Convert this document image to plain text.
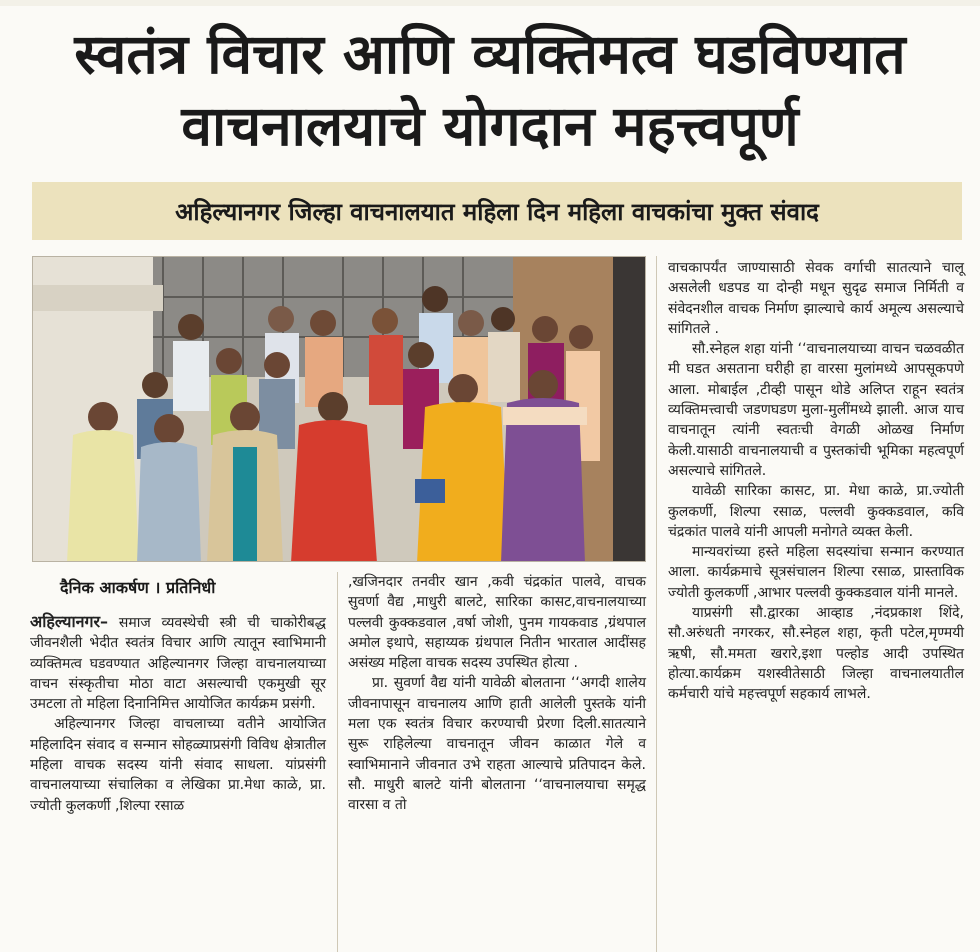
स्वतंत्र विचार आणि व्यक्तिमत्व घडविण्यात
वाचनालयाचे योगदान महत्त्वपूर्ण
अहिल्यानगर जिल्हा वाचनालयात महिला दिन महिला वाचकांचा मुक्त संवाद
दैनिक आकर्षण । प्रतिनिधी

अहिल्यानगर– समाज व्यवस्थेची स्त्री ची चाकोरीबद्ध जीवनशैली भेदीत स्वतंत्र विचार आणि त्यातून स्वाभिमानी व्यक्तिमत्व घडवण्यात अहिल्यानगर जिल्हा वाचनालयाच्या वाचन संस्कृतीचा मोठा वाटा असल्याची एकमुखी सूर उमटला तो महिला दिनानिमित्त आयोजित कार्यक्रम प्रसंगी.

अहिल्यानगर जिल्हा वाचलाच्या वतीने आयोजित महिलादिन संवाद व सन्मान सोहळ्याप्रसंगी विविध क्षेत्रातील महिला वाचक सदस्य यांनी संवाद साधला. यांप्रसंगी वाचनालयाच्या संचालिका व लेखिका प्रा.मेधा काळे, प्रा. ज्योती कुलकर्णी ,शिल्पा रसाळ

,खजिनदार तनवीर खान ,कवी चंद्रकांत पालवे, वाचक सुवर्णा वैद्य ,माधुरी बालटे, सारिका कासट,वाचनालयाच्या पल्लवी कुक्कडवाल ,वर्षा जोशी, पुनम गायकवाड ,ग्रंथपाल अमोल इथापे, सहाय्यक ग्रंथपाल नितीन भारताल आदींसह असंख्य महिला वाचक सदस्य उपस्थित होत्या .

प्रा. सुवर्णा वैद्य यांनी यावेळी बोलताना ‘‘अगदी शालेय जीवनापासून वाचनालय आणि हाती आलेली पुस्तके यांनी मला एक स्वतंत्र विचार करण्याची प्रेरणा दिली.सातत्याने सुरू राहिलेल्या वाचनातून जीवन काळात गेले व स्वाभिमानाने जीवनात उभे राहता आल्याचे प्रतिपादन केले. सौ. माधुरी बालटे यांनी बोलताना ‘‘वाचनालयाचा समृद्ध वारसा व तो

वाचकापर्यंत जाण्यासाठी सेवक वर्गाची सातत्याने चालू असलेली धडपड या दोन्ही मधून सुदृढ समाज निर्मिती व संवेदनशील वाचक निर्माण झाल्याचे कार्य अमूल्य असल्याचे सांगितले .

सौ.स्नेहल शहा यांनी ‘‘वाचनालयाच्या वाचन चळवळीत मी घडत असताना घरीही हा वारसा मुलांमध्ये आपसूकपणे आला. मोबाईल ,टीव्ही पासून थोडे अलिप्त राहून स्वतंत्र व्यक्तिमत्त्वाची जडणघडण मुला-मुलींमध्ये झाली. आज याच वाचनातून त्यांनी स्वतःची वेगळी ओळख निर्माण केली.यासाठी वाचनालयाची व पुस्तकांची भूमिका महत्वपूर्ण असल्याचे सांगितले.

यावेळी सारिका कासट, प्रा. मेधा काळे, प्रा.ज्योती कुलकर्णी, शिल्पा रसाळ, पल्लवी कुक्कडवाल, कवि चंद्रकांत पालवे यांनी आपली मनोगते व्यक्त केली.

मान्यवरांच्या हस्ते महिला सदस्यांचा सन्मान करण्यात आला. कार्यक्रमाचे सूत्रसंचालन शिल्पा रसाळ, प्रास्ताविक ज्योती कुलकर्णी ,आभार पल्लवी कुक्कडवाल यांनी मानले.

याप्रसंगी सौ.द्वारका आव्हाड ,नंदप्रकाश शिंदे, सौ.अरुंधती नगरकर, सौ.स्नेहल शहा, कृती पटेल,मृण्मयी ऋषी, सौ.ममता खरारे,इशा पल्होड आदी उपस्थित होत्या.कार्यक्रम यशस्वीतेसाठी जिल्हा वाचनालयातील कर्मचारी यांचे महत्त्वपूर्ण सहकार्य लाभले.
